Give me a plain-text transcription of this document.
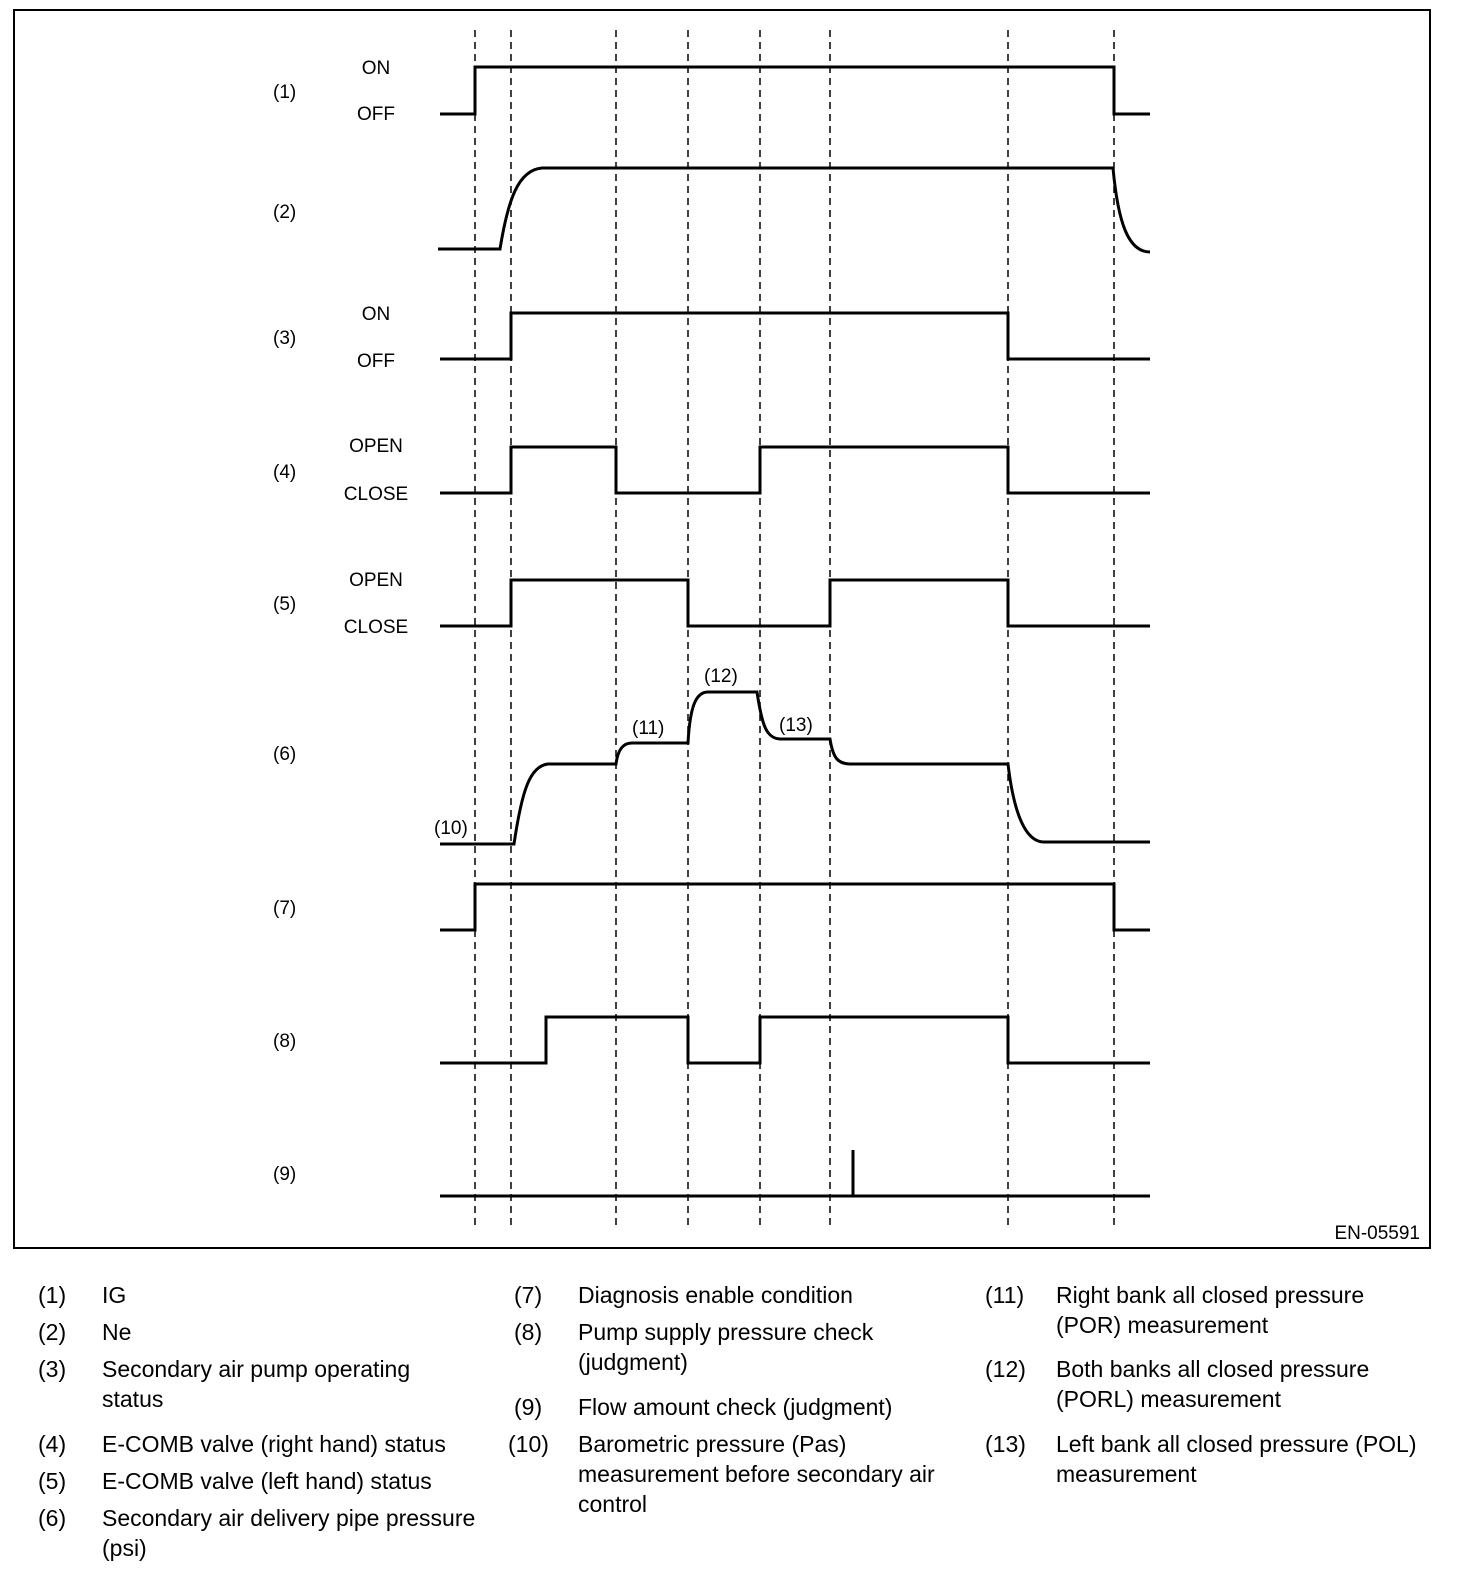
(1)
(2)
(3)
(4)
(5)
(6)
(7)
(8)
(9)
ON
OFF
ON
OFF
OPEN
CLOSE
OPEN
CLOSE
(10)
(11)
(12)
(13)
EN-05591
(1)	IG
(2)	Ne
(3)	Secondary air pump operating status
(4)	E-COMB valve (right hand) status
(5)	E-COMB valve (left hand) status
(6)	Secondary air delivery pipe pressure (psi)
(7)	Diagnosis enable condition
(8)	Pump supply pressure check (judgment)
(9)	Flow amount check (judgment)
(10)	Barometric pressure (Pas) measurement before secondary air control
(11)	Right bank all closed pressure (POR) measurement
(12)	Both banks all closed pressure (PORL) measurement
(13)	Left bank all closed pressure (POL) measurement
